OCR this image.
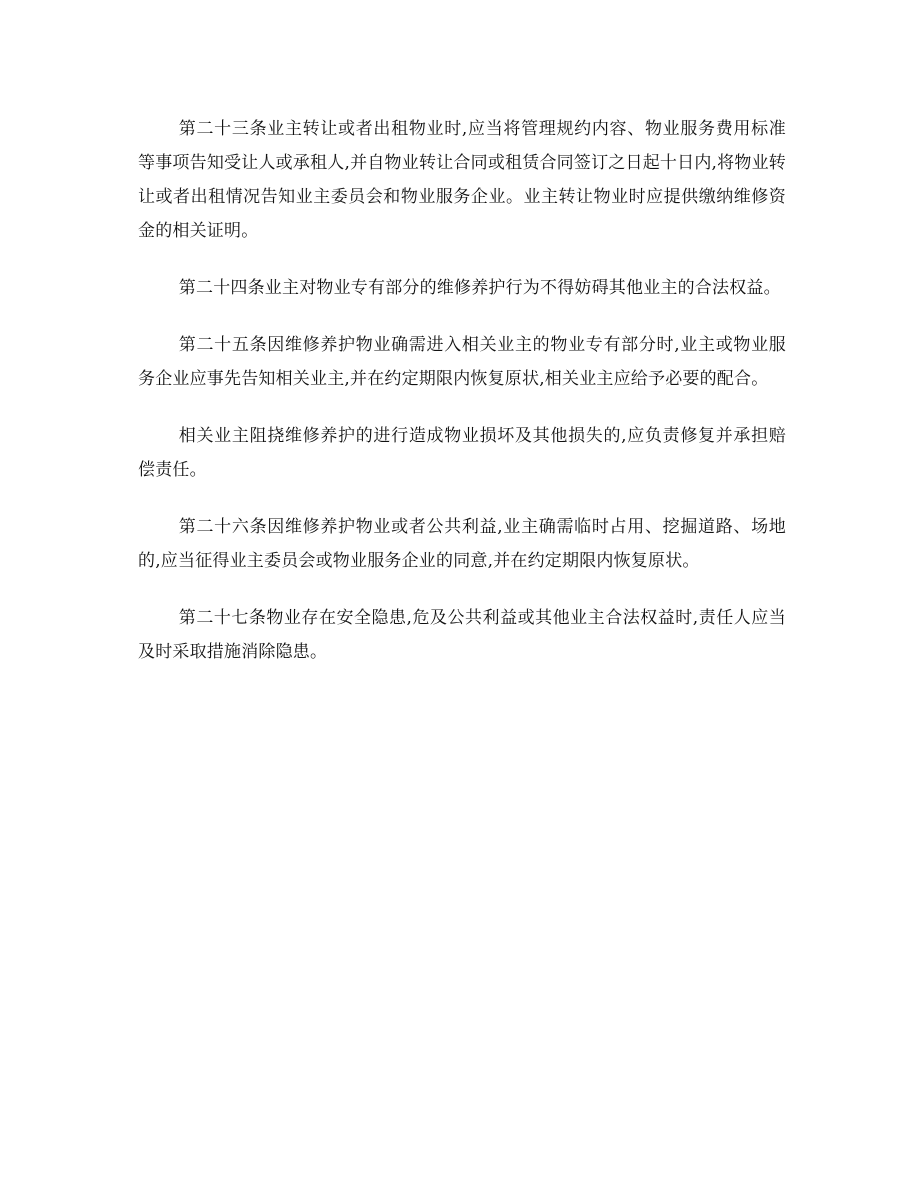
第二十三条业主转让或者出租物业时,应当将管理规约内容、物业服务费用标准等事项告知受让人或承租人,并自物业转让合同或租赁合同签订之日起十日内,将物业转让或者出租情况告知业主委员会和物业服务企业。业主转让物业时应提供缴纳维修资金的相关证明。

第二十四条业主对物业专有部分的维修养护行为不得妨碍其他业主的合法权益。

第二十五条因维修养护物业确需进入相关业主的物业专有部分时,业主或物业服务企业应事先告知相关业主,并在约定期限内恢复原状,相关业主应给予必要的配合。

相关业主阻挠维修养护的进行造成物业损坏及其他损失的,应负责修复并承担赔偿责任。

第二十六条因维修养护物业或者公共利益,业主确需临时占用、挖掘道路、场地的,应当征得业主委员会或物业服务企业的同意,并在约定期限内恢复原状。

第二十七条物业存在安全隐患,危及公共利益或其他业主合法权益时,责任人应当及时采取措施消除隐患。
